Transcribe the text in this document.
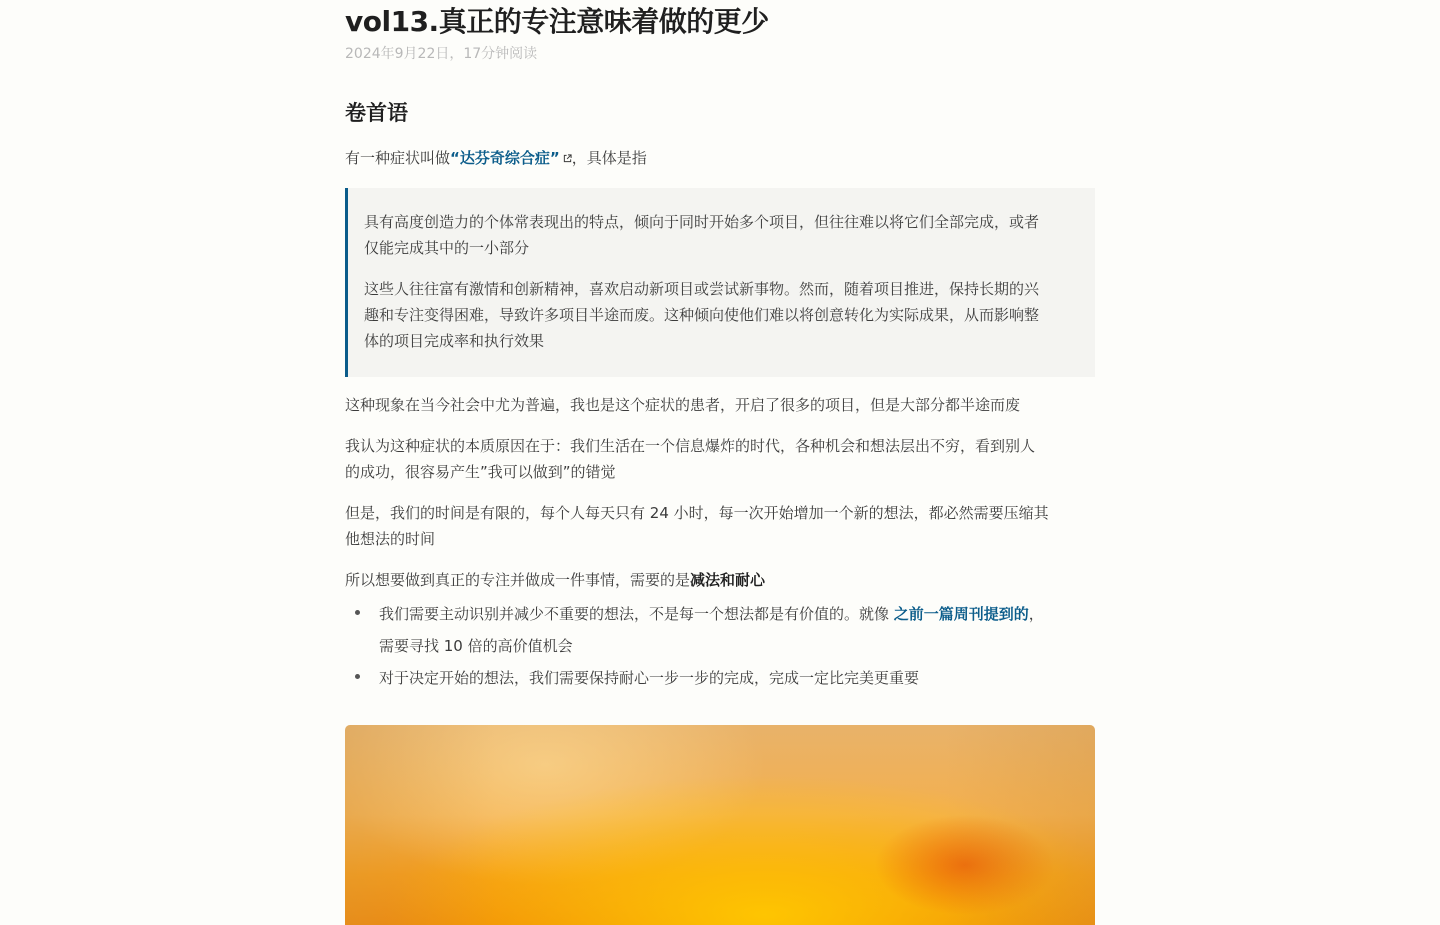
vol13.真正的专注意味着做的更少
2024年9月22日，17分钟阅读
卷首语

有一种症状叫做“达芬奇综合症” ，具体是指

具有高度创造力的个体常表现出的特点，倾向于同时开始多个项目，但往往难以将它们全部完成，或者

仅能完成其中的一小部分

这些人往往富有激情和创新精神，喜欢启动新项目或尝试新事物。然而，随着项目推进，保持长期的兴

趣和专注变得困难，导致许多项目半途而废。这种倾向使他们难以将创意转化为实际成果，从而影响整

体的项目完成率和执行效果

这种现象在当今社会中尤为普遍，我也是这个症状的患者，开启了很多的项目，但是大部分都半途而废

我认为这种症状的本质原因在于：我们生活在一个信息爆炸的时代，各种机会和想法层出不穷，看到别人

的成功，很容易产生”我可以做到”的错觉

但是，我们的时间是有限的，每个人每天只有 24 小时，每一次开始增加一个新的想法，都必然需要压缩其

他想法的时间

所以想要做到真正的专注并做成一件事情，需要的是减法和耐心

我们需要主动识别并减少不重要的想法，不是每一个想法都是有价值的。就像 之前一篇周刊提到的，
需要寻找 10 倍的高价值机会
对于决定开始的想法，我们需要保持耐心一步一步的完成，完成一定比完美更重要
